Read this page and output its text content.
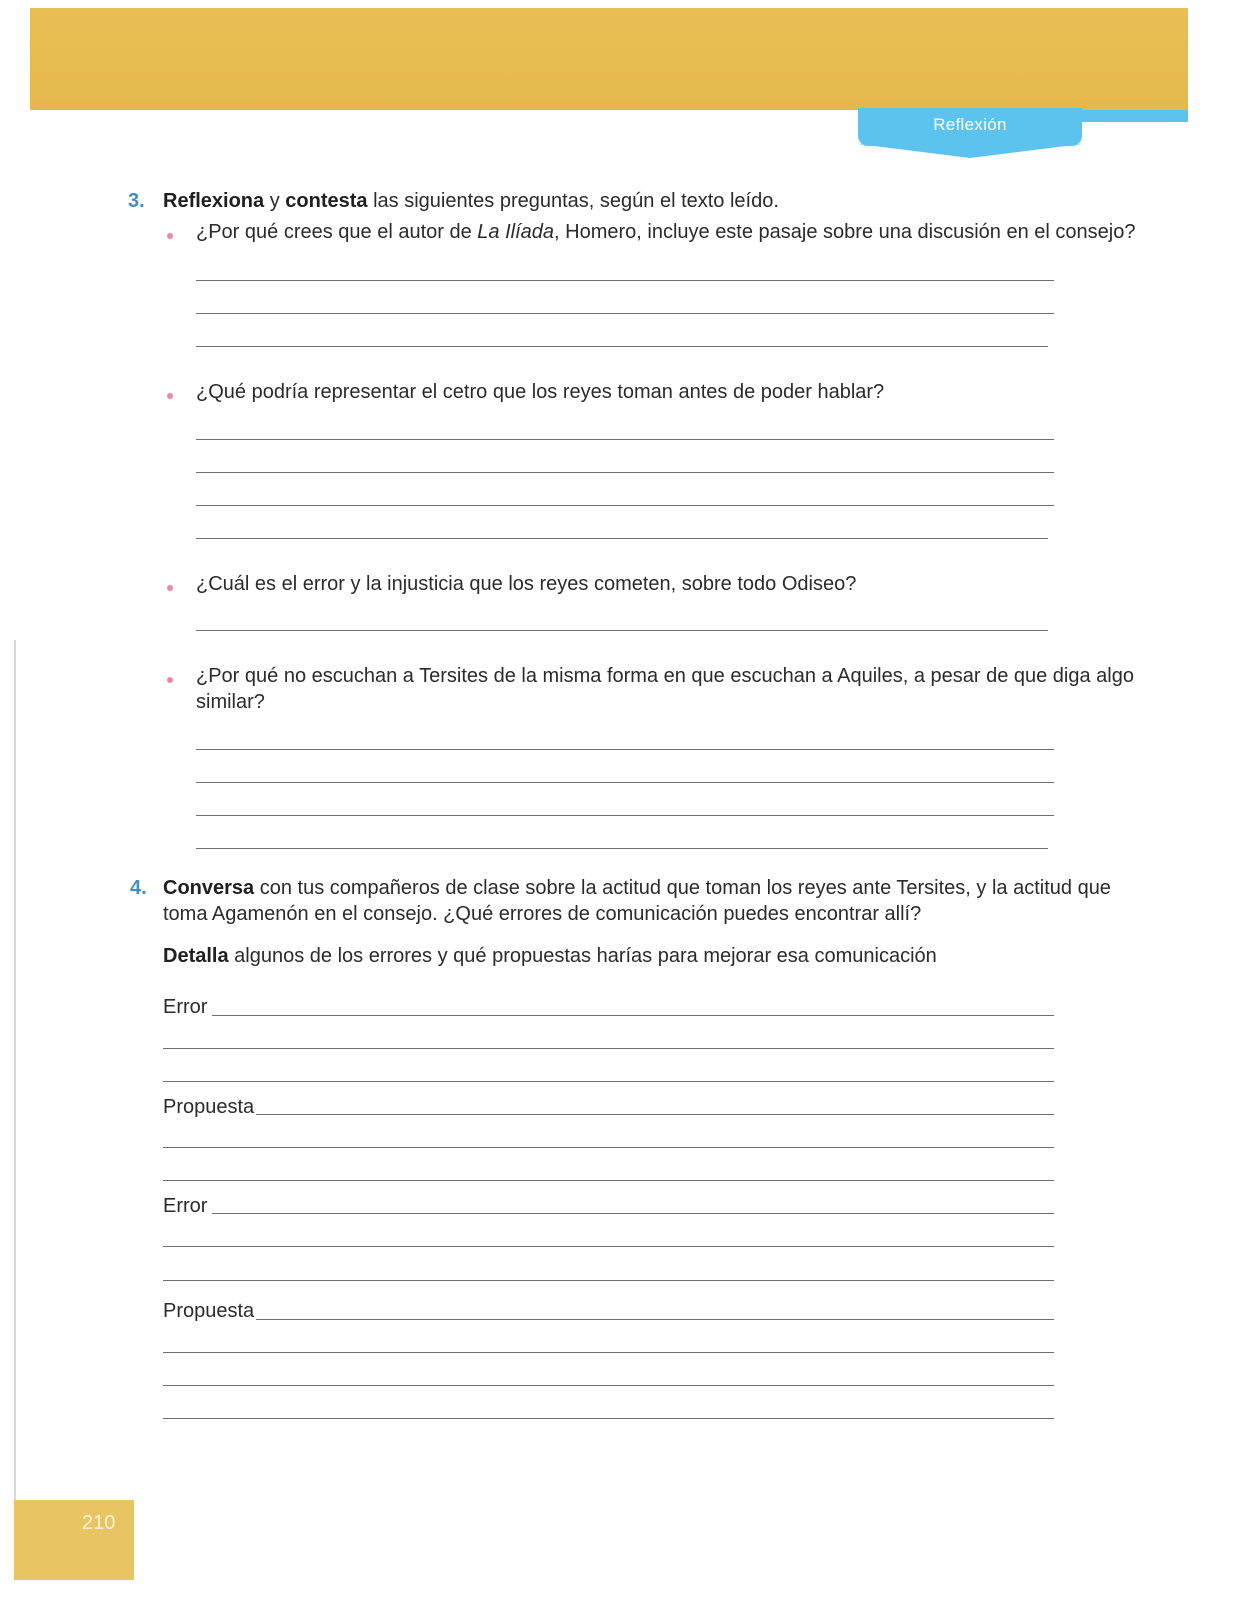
Reflexión
3. Reflexiona y contesta las siguientes preguntas, según el texto leído.
¿Por qué crees que el autor de La Ilíada, Homero, incluye este pasaje sobre una discusión en el consejo?
¿Qué podría representar el cetro que los reyes toman antes de poder hablar?
¿Cuál es el error y la injusticia que los reyes cometen, sobre todo Odiseo?
¿Por qué no escuchan a Tersites de la misma forma en que escuchan a Aquiles, a pesar de que diga algo
similar?
4. Conversa con tus compañeros de clase sobre la actitud que toman los reyes ante Tersites, y la actitud que
toma Agamenón en el consejo. ¿Qué errores de comunicación puedes encontrar allí?
Detalla algunos de los errores y qué propuestas harías para mejorar esa comunicación
Error
Propuesta
Error
Propuesta
210
